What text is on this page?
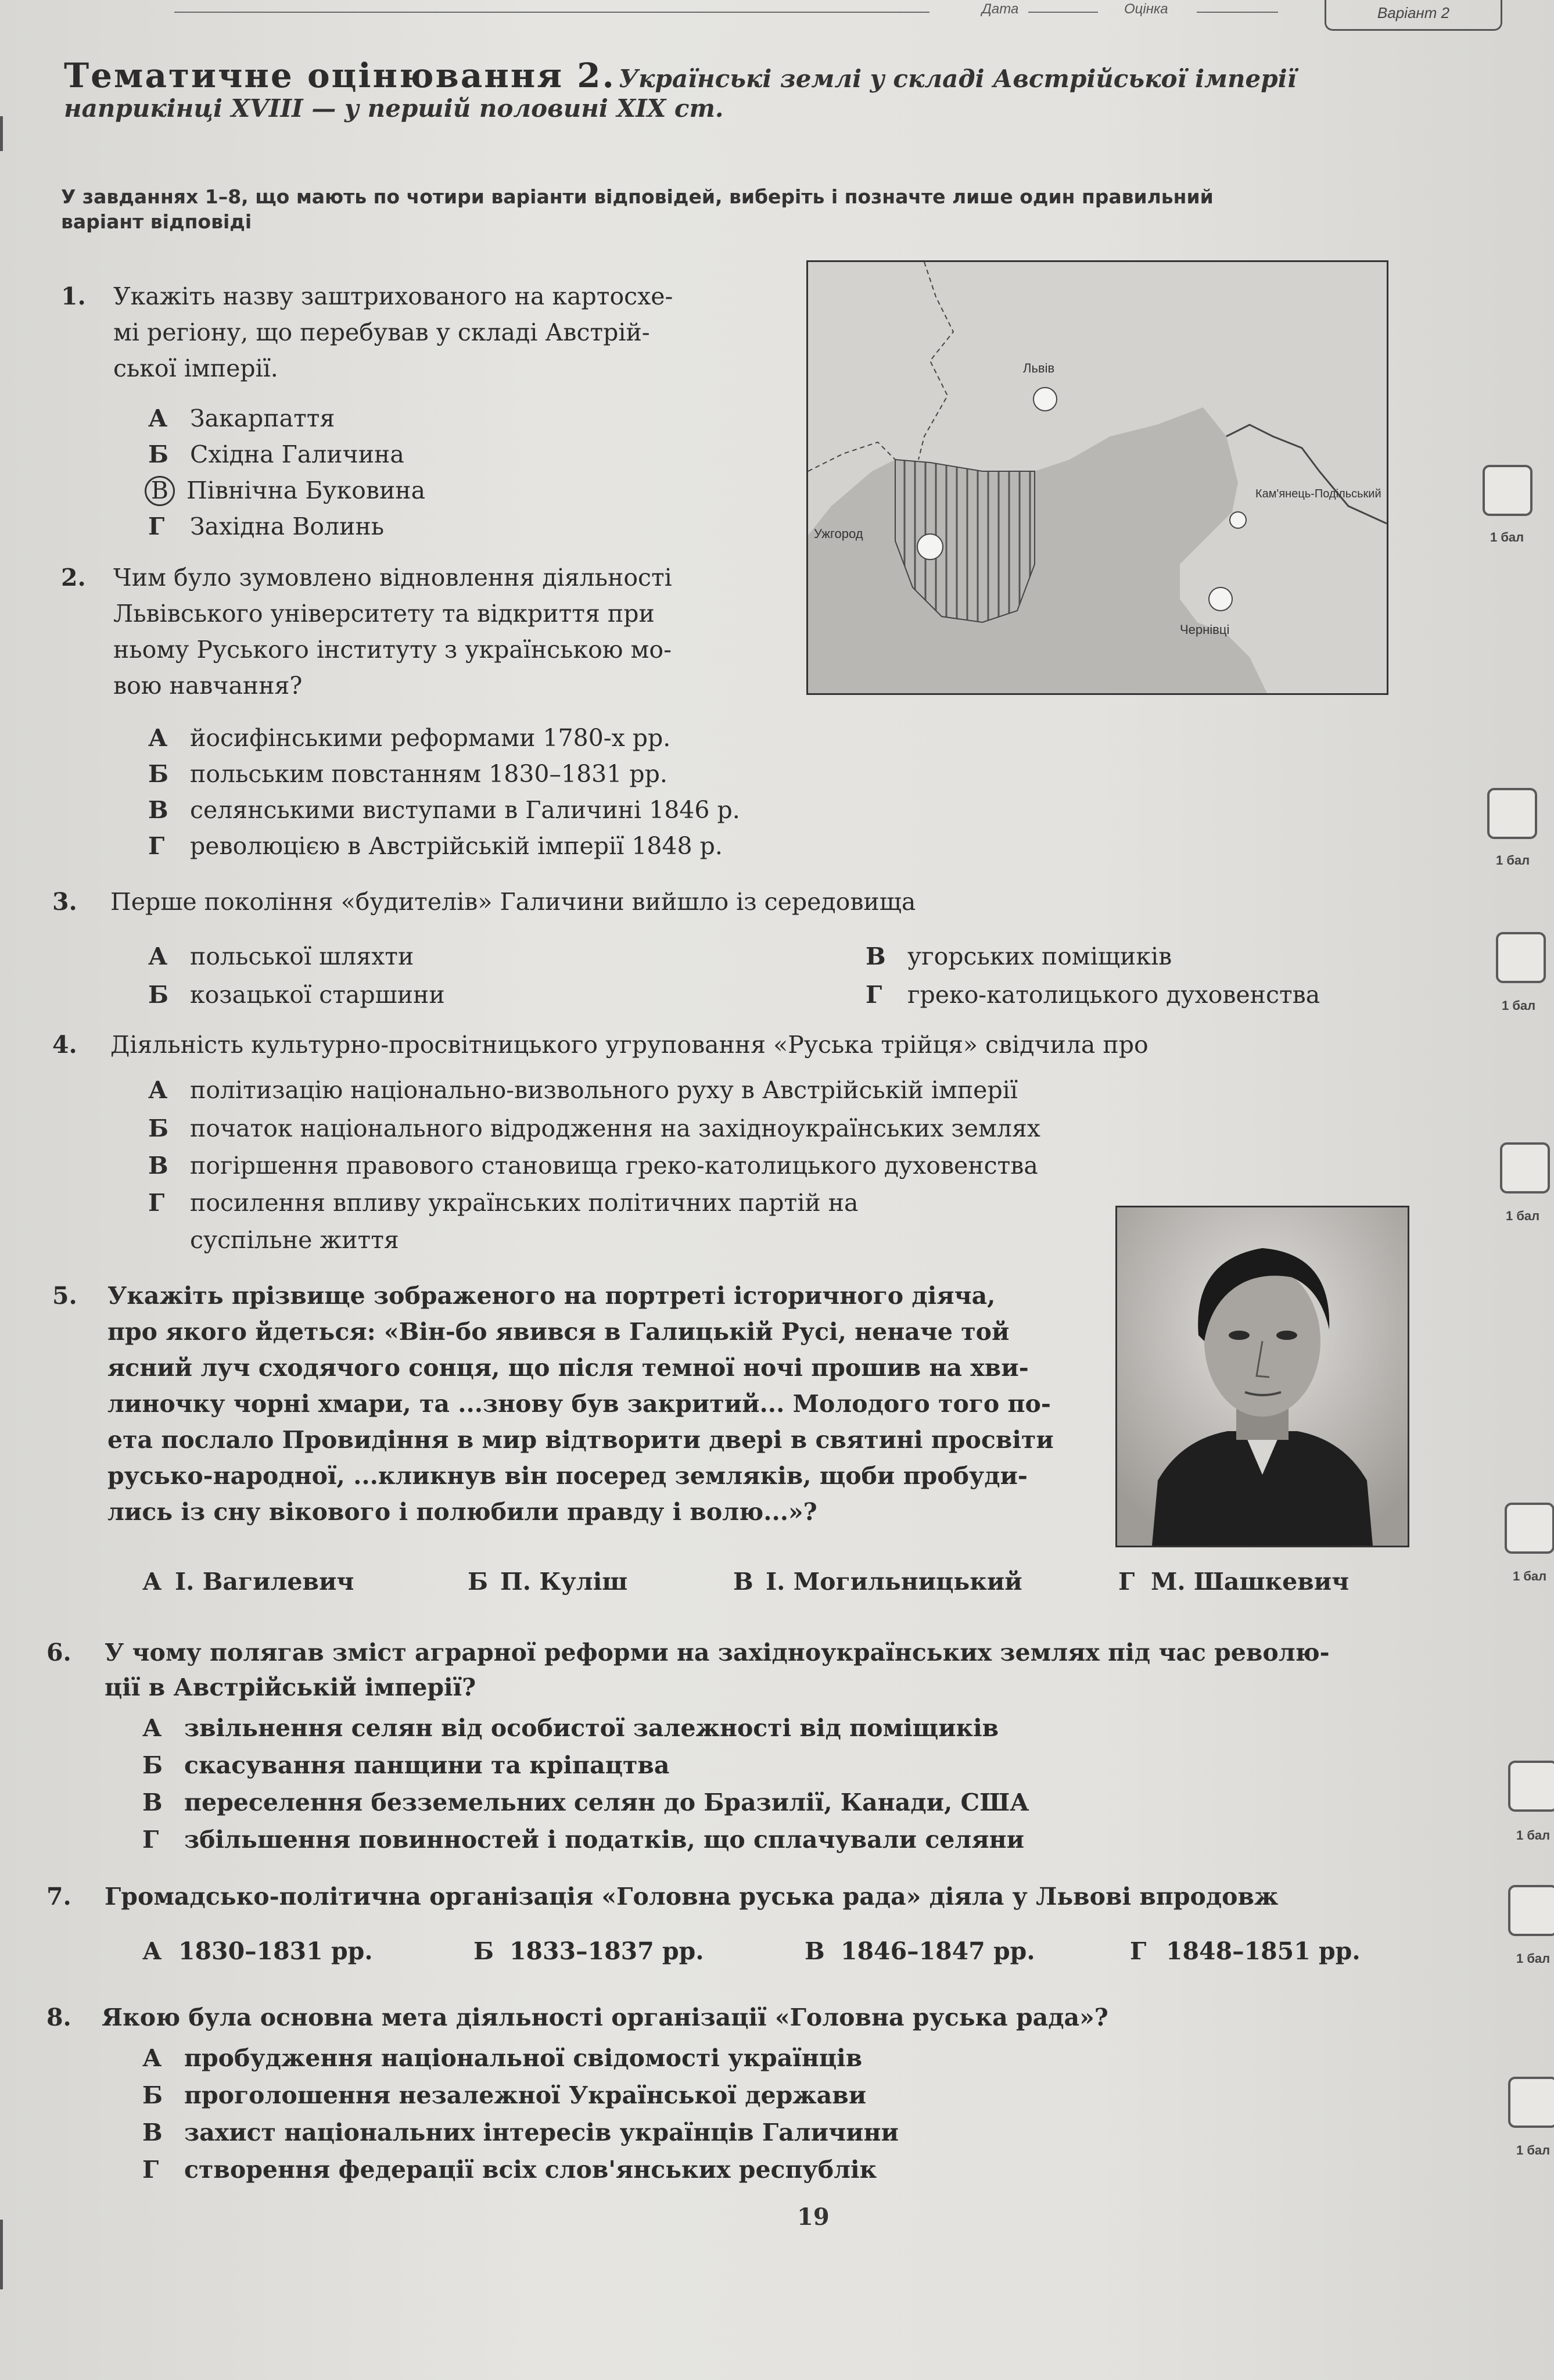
Дата	Оцінка	Варіант 2
Тематичне оцінювання 2. Українські землі у складі Австрійської імперії
наприкінці XVIII — у першій половині XIX ст.
У завданнях 1–8, що мають по чотири варіанти відповідей, виберіть і позначте лише один правильний
варіант відповіді
1. Укажіть назву заштрихованого на картосхе-
мі регіону, що перебував у складі Австрій-
ської імперії.
А Закарпаття
Б Східна Галичина
В Північна Буковина
Г Західна Волинь
Львів
Ужгород
Чернівці
Кам'янець-Подільський
2. Чим було зумовлено відновлення діяльності
Львівського університету та відкриття при
ньому Руського інституту з українською мо-
вою навчання?
А йосифінськими реформами 1780-х рр.
Б польським повстанням 1830–1831 рр.
В селянськими виступами в Галичині 1846 р.
Г революцією в Австрійській імперії 1848 р.
3. Перше покоління «будителів» Галичини вийшло із середовища
А польської шляхти
Б козацької старшини
В угорських поміщиків
Г греко-католицького духовенства
4. Діяльність культурно-просвітницького угруповання «Руська трійця» свідчила про
А політизацію національно-визвольного руху в Австрійській імперії
Б початок національного відродження на західноукраїнських землях
В погіршення правового становища греко-католицького духовенства
Г посилення впливу українських політичних партій на
суспільне життя
5. Укажіть прізвище зображеного на портреті історичного діяча,
про якого йдеться: «Він-бо явився в Галицькій Русі, неначе той
ясний луч сходячого сонця, що після темної ночі прошив на хви-
линочку чорні хмари, та ...знову був закритий... Молодого того по-
ета послало Провидіння в мир відтворити двері в святині просвіти
русько-народної, ...кликнув він посеред земляків, щоби пробуди-
лись із сну вікового і полюбили правду і волю...»?
А І. Вагилевич	Б П. Куліш	В І. Могильницький	Г М. Шашкевич
6. У чому полягав зміст аграрної реформи на західноукраїнських землях під час револю-
ції в Австрійській імперії?
А звільнення селян від особистої залежності від поміщиків
Б скасування панщини та кріпацтва
В переселення безземельних селян до Бразилії, Канади, США
Г збільшення повинностей і податків, що сплачували селяни
7. Громадсько-політична організація «Головна руська рада» діяла у Львові впродовж
А 1830–1831 рр.	Б 1833–1837 рр.	В 1846–1847 рр.	Г 1848–1851 рр.
8. Якою була основна мета діяльності організації «Головна руська рада»?
А пробудження національної свідомості українців
Б проголошення незалежної Української держави
В захист національних інтересів українців Галичини
Г створення федерації всіх слов'янських республік
1 бал
1 бал
1 бал
1 бал
1 бал
1 бал
1 бал
1 бал
19
